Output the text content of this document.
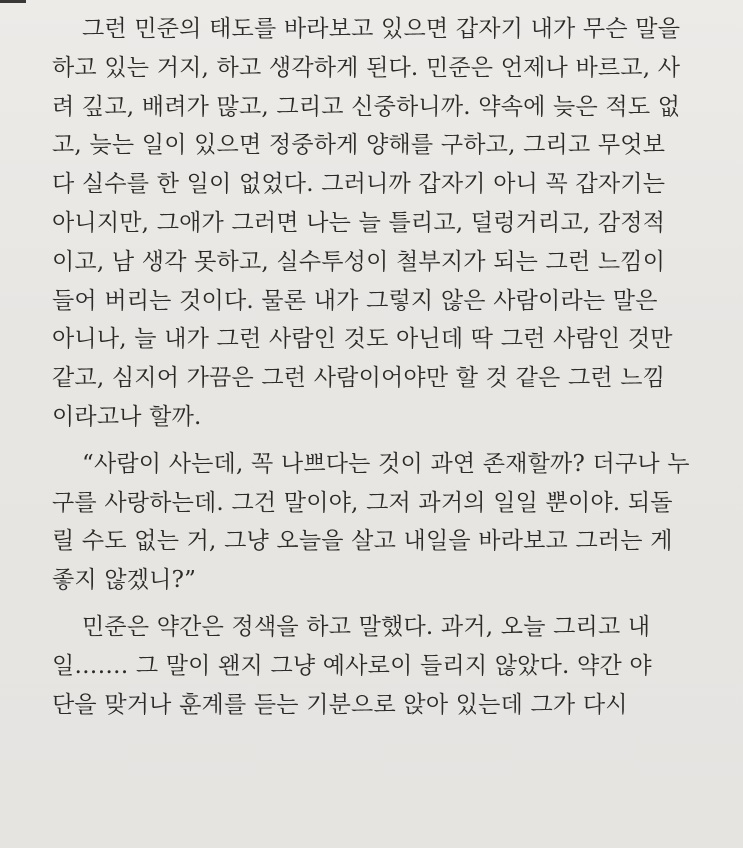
그런 민준의 태도를 바라보고 있으면 갑자기 내가 무슨 말을
하고 있는 거지, 하고 생각하게 된다. 민준은 언제나 바르고, 사
려 깊고, 배려가 많고, 그리고 신중하니까. 약속에 늦은 적도 없
고, 늦는 일이 있으면 정중하게 양해를 구하고, 그리고 무엇보
다 실수를 한 일이 없었다. 그러니까 갑자기 아니 꼭 갑자기는
아니지만, 그애가 그러면 나는 늘 틀리고, 덜렁거리고, 감정적
이고, 남 생각 못하고, 실수투성이 철부지가 되는 그런 느낌이
들어 버리는 것이다. 물론 내가 그렇지 않은 사람이라는 말은
아니나, 늘 내가 그런 사람인 것도 아닌데 딱 그런 사람인 것만
같고, 심지어 가끔은 그런 사람이어야만 할 것 같은 그런 느낌
이라고나 할까.
“사람이 사는데, 꼭 나쁘다는 것이 과연 존재할까? 더구나 누
구를 사랑하는데. 그건 말이야, 그저 과거의 일일 뿐이야. 되돌
릴 수도 없는 거, 그냥 오늘을 살고 내일을 바라보고 그러는 게
좋지 않겠니?”
민준은 약간은 정색을 하고 말했다. 과거, 오늘 그리고 내
일……. 그 말이 왠지 그냥 예사로이 들리지 않았다. 약간 야
단을 맞거나 훈계를 듣는 기분으로 앉아 있는데 그가 다시
